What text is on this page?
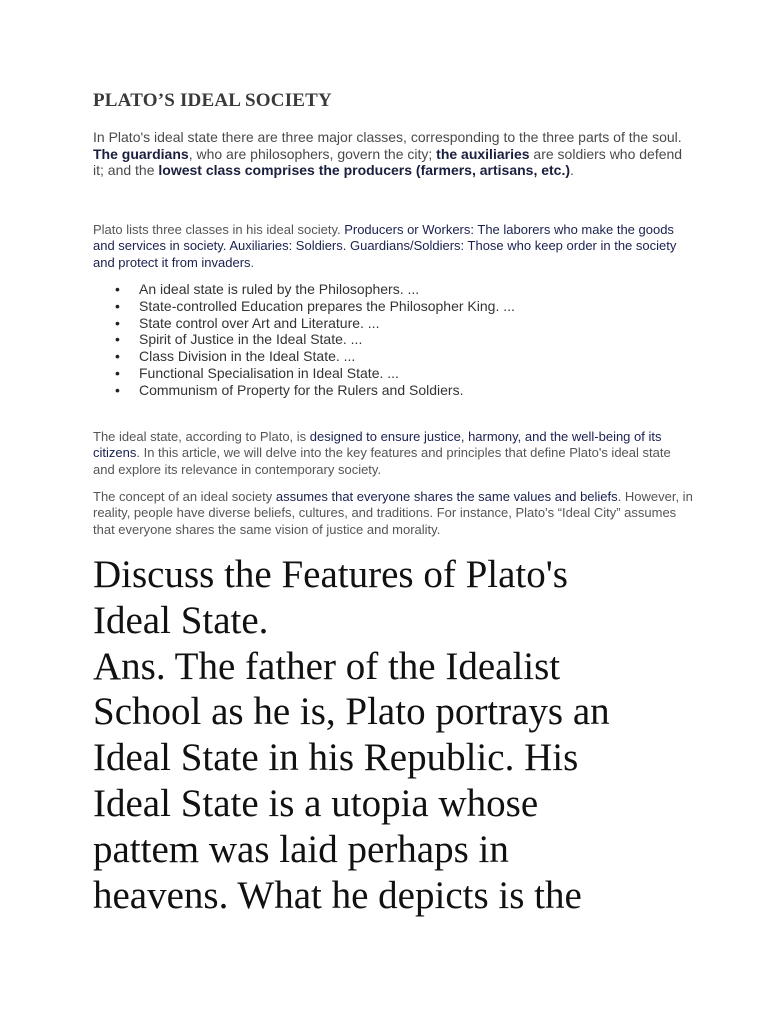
PLATO’S IDEAL SOCIETY

In Plato's ideal state there are three major classes, corresponding to the three parts of the soul. The guardians, who are philosophers, govern the city; the auxiliaries are soldiers who defend it; and the lowest class comprises the producers (farmers, artisans, etc.).

Plato lists three classes in his ideal society. Producers or Workers: The laborers who make the goods and services in society. Auxiliaries: Soldiers. Guardians/Soldiers: Those who keep order in the society and protect it from invaders.

• An ideal state is ruled by the Philosophers. ...
• State-controlled Education prepares the Philosopher King. ...
• State control over Art and Literature. ...
• Spirit of Justice in the Ideal State. ...
• Class Division in the Ideal State. ...
• Functional Specialisation in Ideal State. ...
• Communism of Property for the Rulers and Soldiers.

The ideal state, according to Plato, is designed to ensure justice, harmony, and the well-being of its citizens. In this article, we will delve into the key features and principles that define Plato's ideal state and explore its relevance in contemporary society.

The concept of an ideal society assumes that everyone shares the same values and beliefs. However, in reality, people have diverse beliefs, cultures, and traditions. For instance, Plato's “Ideal City” assumes that everyone shares the same vision of justice and morality.

Discuss the Features of Plato's
Ideal State.
Ans. The father of the Idealist
School as he is, Plato portrays an
Ideal State in his Republic. His
Ideal State is a utopia whose
pattem was laid perhaps in
heavens. What he depicts is the
